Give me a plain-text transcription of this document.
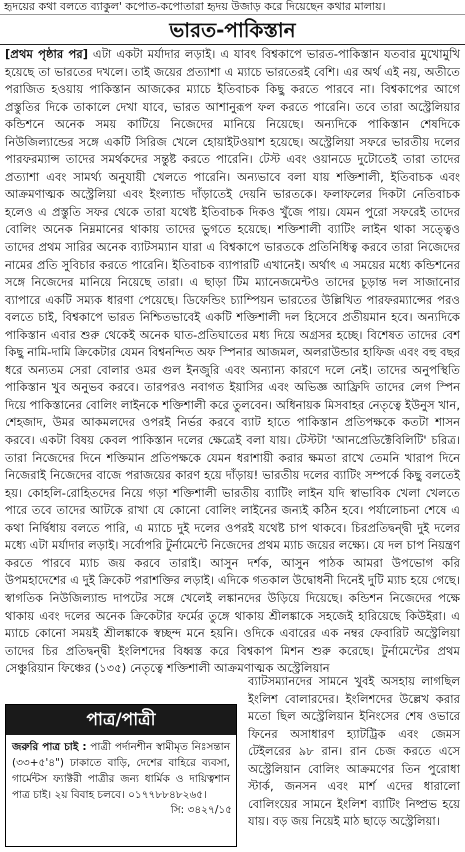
হৃদয়ের কথা বলতে ব্যাকুল' কপোত-কপোতারা হৃদয় উজাড় করে দিয়েছেন কথার মালায়।
ভারত-পাকিস্তান

[প্রথম পৃষ্ঠার পর] এটা একটা মর্যাদার লড়াই। এ যাবৎ বিশ্বকাপে ভারত-পাকিস্তান যতবার মুখোমুখি হয়েছে তা ভারতের দখলে। তাই জয়ের প্রত্যাশা এ ম্যাচে ভারতেরই বেশি। এর অর্থ এই নয়, অতীতে পরাজিত হওয়ায় পাকিস্তান আজকের ম্যাচে ইতিবাচক কিছু করতে পারবে না। বিশ্বকাপের আগে প্রস্তুতির দিকে তাকালে দেখা যাবে, ভারত আশানুরূপ ফল করতে পারেনি। তবে তারা অস্ট্রেলিয়ার কন্ডিশনে অনেক সময় কাটিয়ে নিজেদের মানিয়ে নিয়েছে। অন্যদিকে পাকিস্তান শেষদিকে নিউজিল্যান্ডের সঙ্গে একটি সিরিজ খেলে হোয়াইটওয়াশ হয়েছে। অস্ট্রেলিয়া সফরে ভারতীয় দলের পারফরম্যান্স তাদের সমর্থকদের সন্তুষ্ট করতে পারেনি। টেস্ট এবং ওয়ানডে দুটোতেই তারা তাদের প্রত্যাশা এবং সামর্থ্য অনুযায়ী খেলতে পারেনি। অন্যভাবে বলা যায় শক্তিশালী, ইতিবাচক এবং আক্রমণাত্মক অস্ট্রেলিয়া এবং ইংল্যান্ড দাঁড়াতেই দেয়নি ভারতকে। ফলাফলের দিকটা নেতিবাচক হলেও এ প্রস্তুতি সফর থেকে তারা যথেষ্ট ইতিবাচক দিকও খুঁজে পায়। যেমন পুরো সফরেই তাদের বোলিং অনেক নিম্নমানের থাকায় তাদের ভুগতে হয়েছে। শক্তিশালী ব্যাটিং লাইন থাকা সত্ত্বেও তাদের প্রথম সারির অনেক ব্যাটসম্যান যারা এ বিশ্বকাপে ভারতকে প্রতিনিধিত্ব করবে তারা নিজেদের নামের প্রতি সুবিচার করতে পারেনি। ইতিবাচক ব্যাপারটি এখানেই। অর্থাৎ এ সময়ের মধ্যে কন্ডিশনের সঙ্গে নিজেদের মানিয়ে নিয়েছে তারা। এ ছাড়া টিম ম্যানেজমেন্টও তাদের চূড়ান্ত দল সাজানোর ব্যাপারে একটি সম্যক ধারণা পেয়েছে। ডিফেন্ডিং চ্যাম্পিয়ন ভারতের উল্লিখিত পারফরম্যান্সের পরও বলতে চাই, বিশ্বকাপে ভারত নিশ্চিতভাবেই একটি শক্তিশালী দল হিসেবে প্রতীয়মান হবে। অন্যদিকে পাকিস্তান এবার শুরু থেকেই অনেক ঘাত-প্রতিঘাতের মধ্য দিয়ে অগ্রসর হচ্ছে। বিশেষত তাদের বেশ কিছু নামি-দামি ক্রিকেটার যেমন বিশ্বনন্দিত অফ স্পিনার আজমল, অলরাউন্ডার হাফিজ এবং বহু বছর ধরে অন্যতম সেরা বোলার ওমর গুল ইনজুরি এবং অন্যান্য কারণে দলে নেই। তাদের অনুপস্থিতি পাকিস্তান খুব অনুভব করবে। তারপরও নবাগত ইয়াসির এবং অভিজ্ঞ আফ্রিদি তাদের লেগ স্পিন দিয়ে পাকিস্তানের বোলিং লাইনকে শক্তিশালী করে তুলবেন। অধিনায়ক মিসবাহর নেতৃত্বে ইউনুস খান, শেহজাদ, উমর আকমলদের ওপরই নির্ভর করবে ব্যাট হাতে পাকিস্তান প্রতিপক্ষকে কতটা শাসন করবে। একটা বিষয় কেবল পাকিস্তান দলের ক্ষেত্রেই বলা যায়। টেস্টটা 'আনপ্রেডিক্টেবিলিটি' চরিত্র। তারা নিজেদের দিনে শক্তিমান প্রতিপক্ষকে যেমন ধরাশায়ী করার ক্ষমতা রাখে তেমনি খারাপ দিনে নিজেরাই নিজেদের বাজে পরাজয়ের কারণ হয়ে দাঁড়ায়! ভারতীয় দলের ব্যাটিং সম্পর্কে কিছু বলতেই হয়। কোহলি-রোহিতদের নিয়ে গড়া শক্তিশালী ভারতীয় ব্যাটিং লাইন যদি স্বাভাবিক খেলা খেলতে পারে তবে তাদের আটকে রাখা যে কোনো বোলিং লাইনের জন্যই কঠিন হবে। পর্যালোচনা শেষে এ কথা নির্দ্বিধায় বলতে পারি, এ ম্যাচে দুই দলের ওপরই যথেষ্ট চাপ থাকবে। চিরপ্রতিদ্বন্দ্বী দুই দলের মধ্যে এটা মর্যাদার লড়াই। সর্বোপরি টুর্নামেন্টে নিজেদের প্রথম ম্যাচ জয়ের লক্ষ্যে। যে দল চাপ নিয়ন্ত্রণ করতে পারবে ম্যাচ জয় করবে তারাই। আসুন দর্শক, আসুন পাঠক আমরা উপভোগ করি উপমহাদেশের এ দুই ক্রিকেট পরাশক্তির লড়াই। এদিকে গতকাল উদ্বোধনী দিনেই দুটি ম্যাচ হয়ে গেছে। স্বাগতিক নিউজিল্যান্ড দাপটের সঙ্গে খেলেই লঙ্কানদের উড়িয়ে দিয়েছে। কন্ডিশন নিজেদের পক্ষে থাকায় এবং দলের অনেক ক্রিকেটার ফর্মের তুঙ্গে থাকায় শ্রীলঙ্কাকে সহজেই হারিয়েছে কিউইরা। এ ম্যাচে কোনো সময়ই শ্রীলঙ্কাকে স্বচ্ছন্দ মনে হয়নি। ওদিকে এবারের এক নম্বর ফেবারিট অস্ট্রেলিয়া তাদের চির প্রতিদ্বন্দ্বী ইংলিশদের বিধ্বস্ত করে বিশ্বকাপ মিশন শুরু করেছে। টুর্নামেন্টের প্রথম সেঞ্চুরিয়ান ফিঞ্চের (১৩৫) নেতৃত্বে শক্তিশালী আক্রমণাত্মক অস্ট্রেলিয়ান

ব্যাটসম্যানদের সামনে খুবই অসহায় লাগছিল ইংলিশ বোলারদের। ইংলিশদের উল্লেখ করার মতো ছিল অস্ট্রেলিয়ান ইনিংসের শেষ ওভারে ফিনের অসাধারণ হ্যাটট্রিক এবং জেমস টেইলরের ৯৮ রান। রান চেজ করতে এসে অস্ট্রেলিয়ান বোলিং আক্রমণের তিন পুরোধা স্টার্ক, জনসন এবং মার্শ এদের ধারালো বোলিংয়ের সামনে ইংলিশ ব্যাটিং নিষ্প্রভ হয়ে যায়। বড় জয় নিয়েই মাঠ ছাড়ে অস্ট্রেলিয়া।
পাত্র/পাত্রী
জরুরি পাত্র চাই : পাত্রী পর্দানশীন স্বামীমৃত নিঃসন্তান (৩৩+৫'৪") ঢাকাতে বাড়ি, দেশের বাহিরে ব্যবসা, গার্মেন্টস ফ্যাক্টরী পাত্রীর জন্য ধার্মিক ও দায়িত্বশান পাত্র চাই। ২য় বিবাহ চলবে। ০১৭৭৮৮৪৮২৬৫।
সি: ৩৪২৭/১৫
